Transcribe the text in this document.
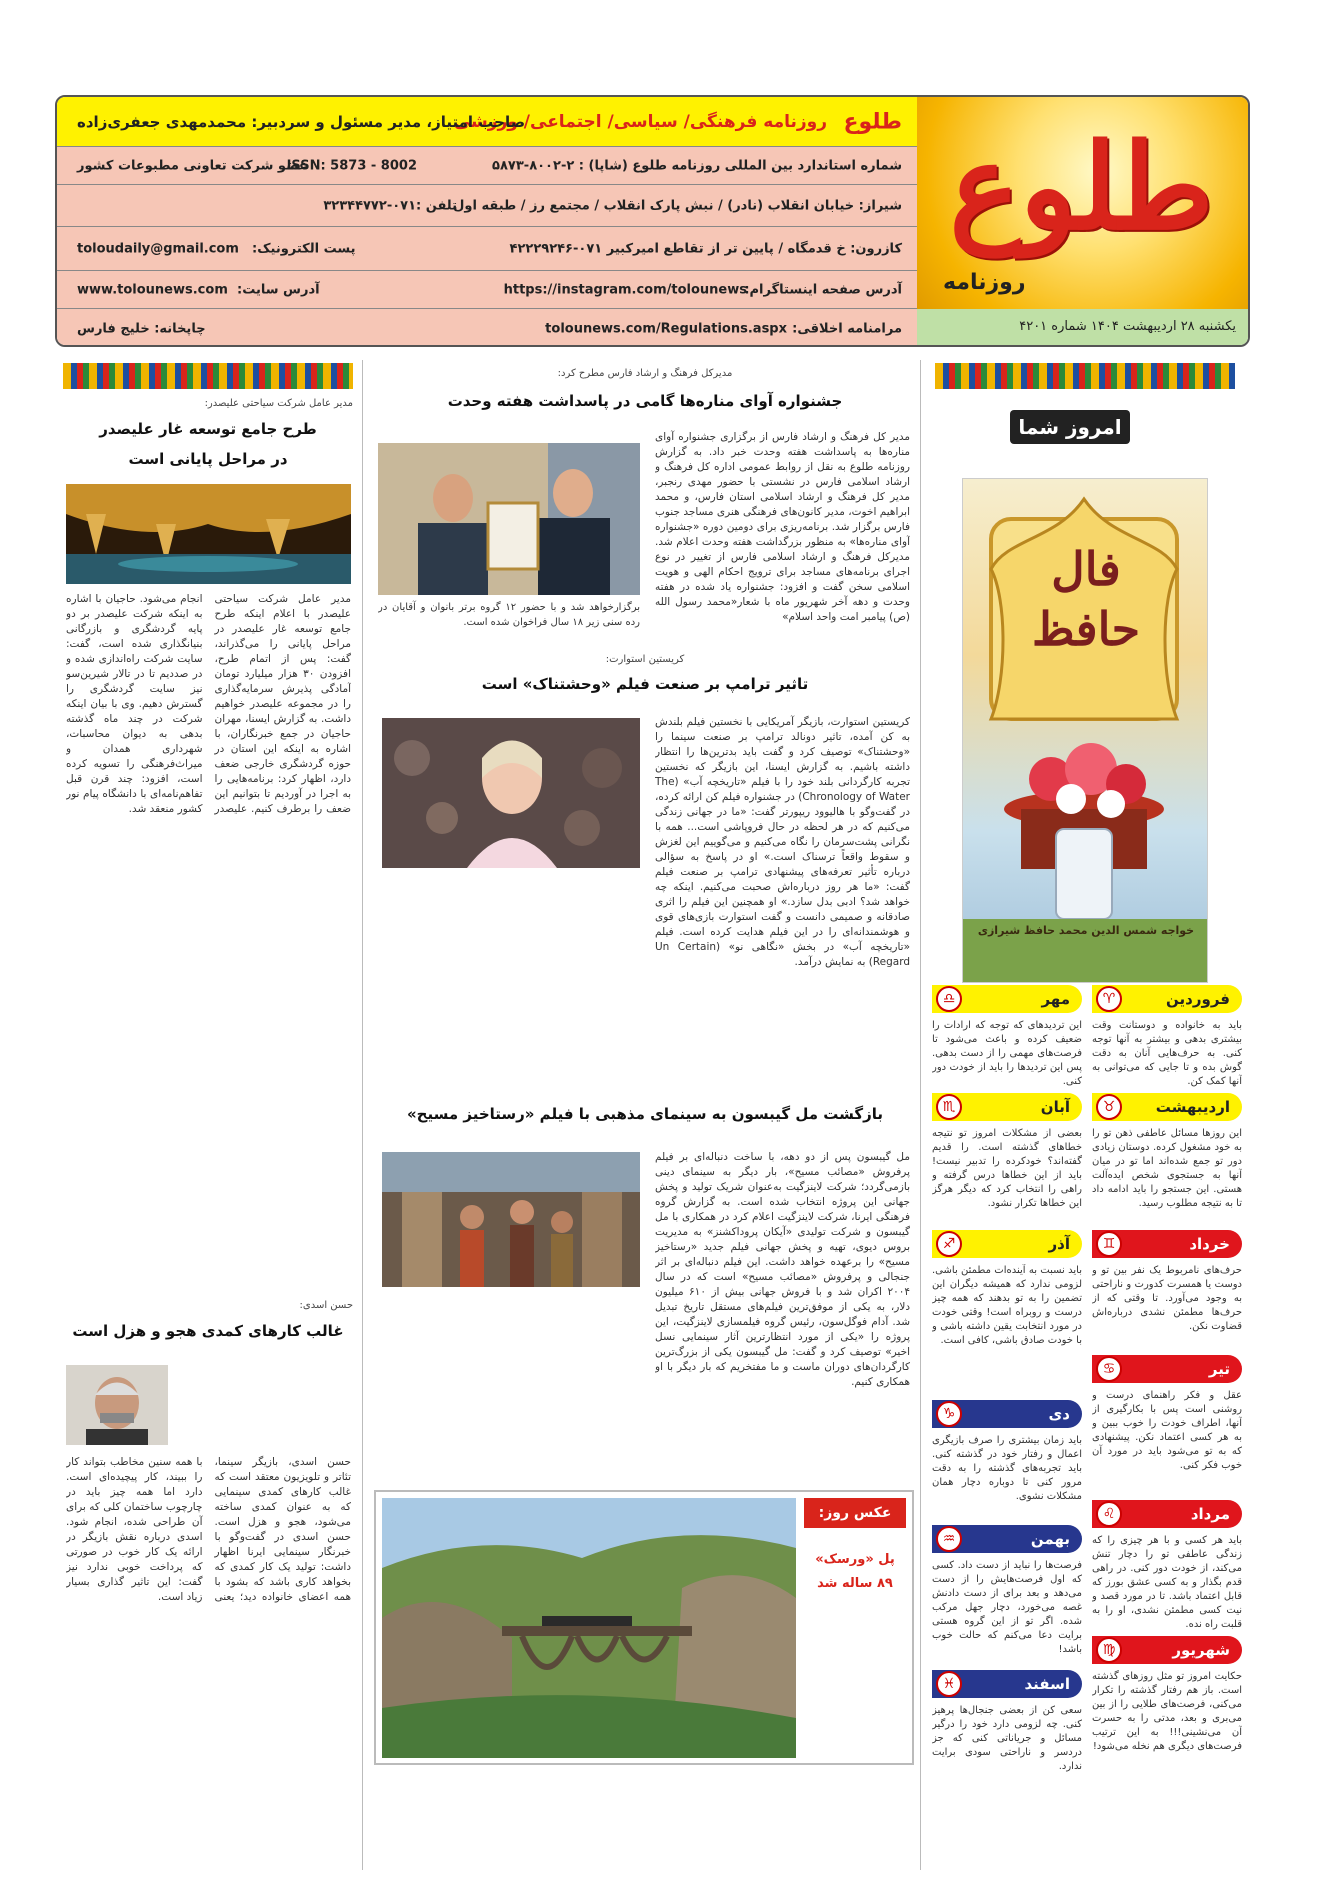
طلوع
روزنامه
یکشنبه ۲۸ اردیبهشت ۱۴۰۴ شماره ۴۲۰۱
طلوع
روزنامه فرهنگی/ سیاسی/ اجتماعی/ ورزشی
صاحب امتیاز، مدیر مسئول و سردبیر: محمدمهدی جعفری‌زاده
شماره استاندارد بین المللی روزنامه طلوع (شاپا) : ۲-۸۰۰۲-۵۸۷۳
ISSN: 5873 - 8002
عضو شرکت تعاونی مطبوعات کشور
شیراز: خیابان انقلاب (نادر) / نبش پارک انقلاب / مجتمع رز / طبقه اول
تلفن :۰۷۱-۳۲۳۴۴۷۷۲
کازرون: خ قدمگاه / پایین تر از تقاطع امیرکبیر ۰۷۱-۴۲۲۲۹۲۴۶
پست الکترونیک:
toloudaily@gmail.com
آدرس صفحه اینستاگرام:
https://instagram.com/tolounews
آدرس سایت:
www.tolounews.com
مرامنامه اخلاقی:
tolounews.com/Regulations.aspx
چاپخانه: خلیج فارس
امروز شما
فال حافظ
خواجه شمس الدین محمد حافظ شیرازی
فروردین
♈
باید به خانواده و دوستانت وقت بیشتری بدهی و بیشتر به آنها توجه کنی. به حرف‌هایی آنان به دقت گوش بده و تا جایی که می‌توانی به آنها کمک کن.
مهر
♎
این تردیدهای که توجه که ارادات را ضعیف کرده و باعث می‌شود تا فرصت‌های مهمی را از دست بدهی. پس این تردیدها را باید از خودت دور کنی.
اردیبهشت
♉
این روزها مسائل عاطفی ذهن تو را به خود مشغول کرده. دوستان زیادی دور تو جمع شده‌اند اما تو در میان آنها به جستجوی شخص ایده‌آلت هستی. این جستجو را باید ادامه داد تا به نتیجه مطلوب رسید.
آبان
♏
بعضی از مشکلات امروز تو نتیجه خطاهای گذشته است. را قدیم گفته‌اند؟ خودکرده را تدبیر نیست! باید از این خطاها درس گرفته و راهی را انتخاب کرد که دیگر هرگز این خطاها تکرار نشود.
خرداد
♊
حرف‌های نامربوط یک نفر بین تو و دوست یا همسرت کدورت و ناراحتی به وجود می‌آورد. تا وقتی که از حرف‌ها مطمئن نشدی درباره‌اش قضاوت نکن.
آذر
♐
باید نسبت به آینده‌ات مطمئن باشی. لزومی ندارد که همیشه دیگران این تضمین را به تو بدهند که همه چیز درست و روبراه است! وقتی خودت در مورد انتخابت یقین داشته باشی و با خودت صادق باشی، کافی است.
تیر
♋
عقل و فکر راهنمای درست و روشنی است پس با بکارگیری از آنها، اطراف خودت را خوب ببین و به هر کسی اعتماد نکن. پیشنهادی که به تو می‌شود باید در مورد آن خوب فکر کنی.
دی
♑
باید زمان بیشتری را صرف بازیگری اعمال و رفتار خود در گذشته کنی. باید تجربه‌های گذشته را به دقت مرور کنی تا دوباره دچار همان مشکلات نشوی.
مرداد
♌
باید هر کسی و با هر چیزی را که زندگی عاطفی تو را دچار تنش می‌کند، از خودت دور کنی. در راهی قدم بگذار و به کسی عشق بورز که قابل اعتماد باشد. تا در مورد قصد و نیت کسی مطمئن نشدی، او را به قلبت راه نده.
بهمن
♒
فرصت‌ها را نباید از دست داد. کسی که اول فرصت‌هایش را از دست می‌دهد و بعد برای از دست دادنش غصه می‌خورد، دچار جهل مرکب شده. اگر تو از این گروه هستی برایت دعا می‌کنم که حالت خوب باشد!	شهریور
♍
حکایت امروز تو مثل روزهای گذشته است. باز هم رفتار گذشته را تکرار می‌کنی، فرصت‌های طلایی را از بین می‌بری و بعد، مدتی را به حسرت آن می‌نشینی!!! به این ترتیب فرصت‌های دیگری هم نخله می‌شود!
اسفند
♓
سعی کن از بعضی جنجال‌ها پرهیز کنی. چه لزومی دارد خود را درگیر مسائل و جریاناتی کنی که جز دردسر و ناراحتی سودی برایت ندارد.
مدیرکل فرهنگ و ارشاد فارس مطرح کرد:
جشنواره آوای مناره‌ها گامی در پاسداشت هفته وحدت
مدیر کل فرهنگ و ارشاد فارس از برگزاری جشنواره آوای مناره‌ها به پاسداشت هفته وحدت خبر داد. به گزارش روزنامه طلوع به نقل از روابط عمومی اداره کل فرهنگ و ارشاد اسلامی فارس در نشستی با حضور مهدی رنجبر، مدیر کل فرهنگ و ارشاد اسلامی استان فارس، و محمد ابراهیم اخوت، مدیر کانون‌های فرهنگی هنری مساجد جنوب فارس برگزار شد. برنامه‌ریزی برای دومین دوره «جشنواره آوای مناره‌ها» به منظور بزرگداشت هفته وحدت اعلام شد. مدیرکل فرهنگ و ارشاد اسلامی فارس از تغییر در نوع اجرای برنامه‌های مساجد برای ترویج احکام الهی و هویت اسلامی سخن گفت و افزود: جشنواره یاد شده در هفته وحدت و دهه آخر شهریور ماه با شعار«محمد رسول الله (ص) پیامبر امت واحد اسلام»
برگزارخواهد شد و با حضور ۱۲ گروه برتر بانوان و آقایان در رده سنی زیر ۱۸ سال فراخوان شده است.
کریستین استوارت:
تاثیر ترامپ بر صنعت فیلم «وحشتناک» است
کریستین استوارت، بازیگر آمریکایی با نخستین فیلم بلندش به کن آمده، تاثیر دونالد ترامپ بر صنعت سینما را «وحشتناک» توصیف کرد و گفت باید بدترین‌ها را انتظار داشته باشیم. به گزارش ایسنا، این بازیگر که نخستین تجربه کارگردانی بلند خود را با فیلم «تاریخچه آب» (The Chronology of Water) در جشنواره فیلم کن ارائه کرده، در گفت‌وگو با هالیوود ریپورتر گفت: «ما در جهانی زندگی می‌کنیم که در هر لحظه در حال فروپاشی است... همه با نگرانی پشت‌سرمان را نگاه می‌کنیم و می‌گوییم این لغزش و سقوط واقعاً ترسناک است.» او در پاسخ به سؤالی درباره تأثیر تعرفه‌های پیشنهادی ترامپ بر صنعت فیلم گفت: «ما هر روز درباره‌اش صحبت می‌کنیم. اینکه چه خواهد شد؟ ادبی بدل سازد.» او همچنین این فیلم را اثری صادقانه و صمیمی دانست و گفت استوارت بازی‌های قوی و هوشمندانه‌ای را در این فیلم هدایت کرده است. فیلم «تاریخچه آب» در بخش «نگاهی نو» (Un Certain Regard) به نمایش درآمد.
بازگشت مل گیبسون به سینمای مذهبی با فیلم «رستاخیز مسیح»
مل گیبسون پس از دو دهه، با ساخت دنباله‌ای بر فیلم پرفروش «مصائب مسیح»، بار دیگر به سینمای دینی بازمی‌گردد؛ شرکت لاینزگیت به‌عنوان شریک تولید و پخش جهانی این پروژه انتخاب شده است. به گزارش گروه فرهنگی ایرنا، شرکت لاینزگیت اعلام کرد در همکاری با مل گیبسون و شرکت تولیدی «آیکان پروداکشنز» به مدیریت بروس دیوی، تهیه و پخش جهانی فیلم جدید «رستاخیز مسیح» را برعهده خواهد داشت. این فیلم دنباله‌ای بر اثر جنجالی و پرفروش «مصائب مسیح» است که در سال ۲۰۰۴ اکران شد و با فروش جهانی بیش از ۶۱۰ میلیون دلار، به یکی از موفق‌ترین فیلم‌های مستقل تاریخ تبدیل شد. آدام فوگل‌سون، رئیس گروه فیلمسازی لاینزگیت، این پروژه را «یکی از مورد انتظارترین آثار سینمایی نسل اخیر» توصیف کرد و گفت: مل گیبسون یکی از بزرگ‌ترین کارگردان‌های دوران ماست و ما مفتخریم که بار دیگر با او همکاری کنیم.
عکس روز:
پل «ورسک»
۸۹ ساله شد
مدیر عامل شرکت سیاحتی علیصدر:
طرح جامع توسعه غار علیصدر
در مراحل پایانی است
مدیر عامل شرکت سیاحتی علیصدر با اعلام اینکه طرح جامع توسعه غار علیصدر در مراحل پایانی را می‌گذراند، گفت: پس از اتمام طرح، افزودن ۳۰ هزار میلیارد تومان آمادگی پذیرش سرمایه‌گذاری را در مجموعه علیصدر خواهیم داشت. به گزارش ایسنا، مهران حاجیان در جمع خبرنگاران، با اشاره به اینکه این استان در حوزه گردشگری خارجی ضعف دارد، اظهار کرد: برنامه‌هایی را به اجرا در آوردیم تا بتوانیم این ضعف را برطرف کنیم. علیصدر انجام می‌شود. حاجیان با اشاره به اینکه شرکت علیصدر بر دو پایه گردشگری و بازرگانی بنیانگذاری شده است، گفت: سایت شرکت راه‌اندازی شده و در صددیم تا در تالار شیرین‌سو نیز سایت گردشگری را گسترش دهیم. وی با بیان اینکه شرکت در چند ماه گذشته بدهی به دیوان محاسبات، شهرداری همدان و میراث‌فرهنگی را تسویه کرده است، افزود: چند قرن قبل تفاهم‌نامه‌ای با دانشگاه پیام نور کشور منعقد شد.
حسن اسدی:
غالب کارهای کمدی هجو و هزل است
حسن اسدی، بازیگر سینما، تئاتر و تلویزیون معتقد است که غالب کارهای کمدی سینمایی که به عنوان کمدی ساخته می‌شود، هجو و هزل است. حسن اسدی در گفت‌وگو با خبرنگار سینمایی ایرنا اظهار داشت: تولید یک کار کمدی که بخواهد کاری باشد که بشود با همه اعضای خانواده دید؛ یعنی با همه سنین مخاطب بتواند کار را ببیند، کار پیچیده‌ای است. دارد اما همه چیز باید در چارچوب ساختمان کلی که برای آن طراحی شده، انجام شود. اسدی درباره نقش بازیگر در ارائه یک کار خوب در صورتی که پرداخت خوبی ندارد نیز گفت: این تاثیر گذاری بسیار زیاد است.
